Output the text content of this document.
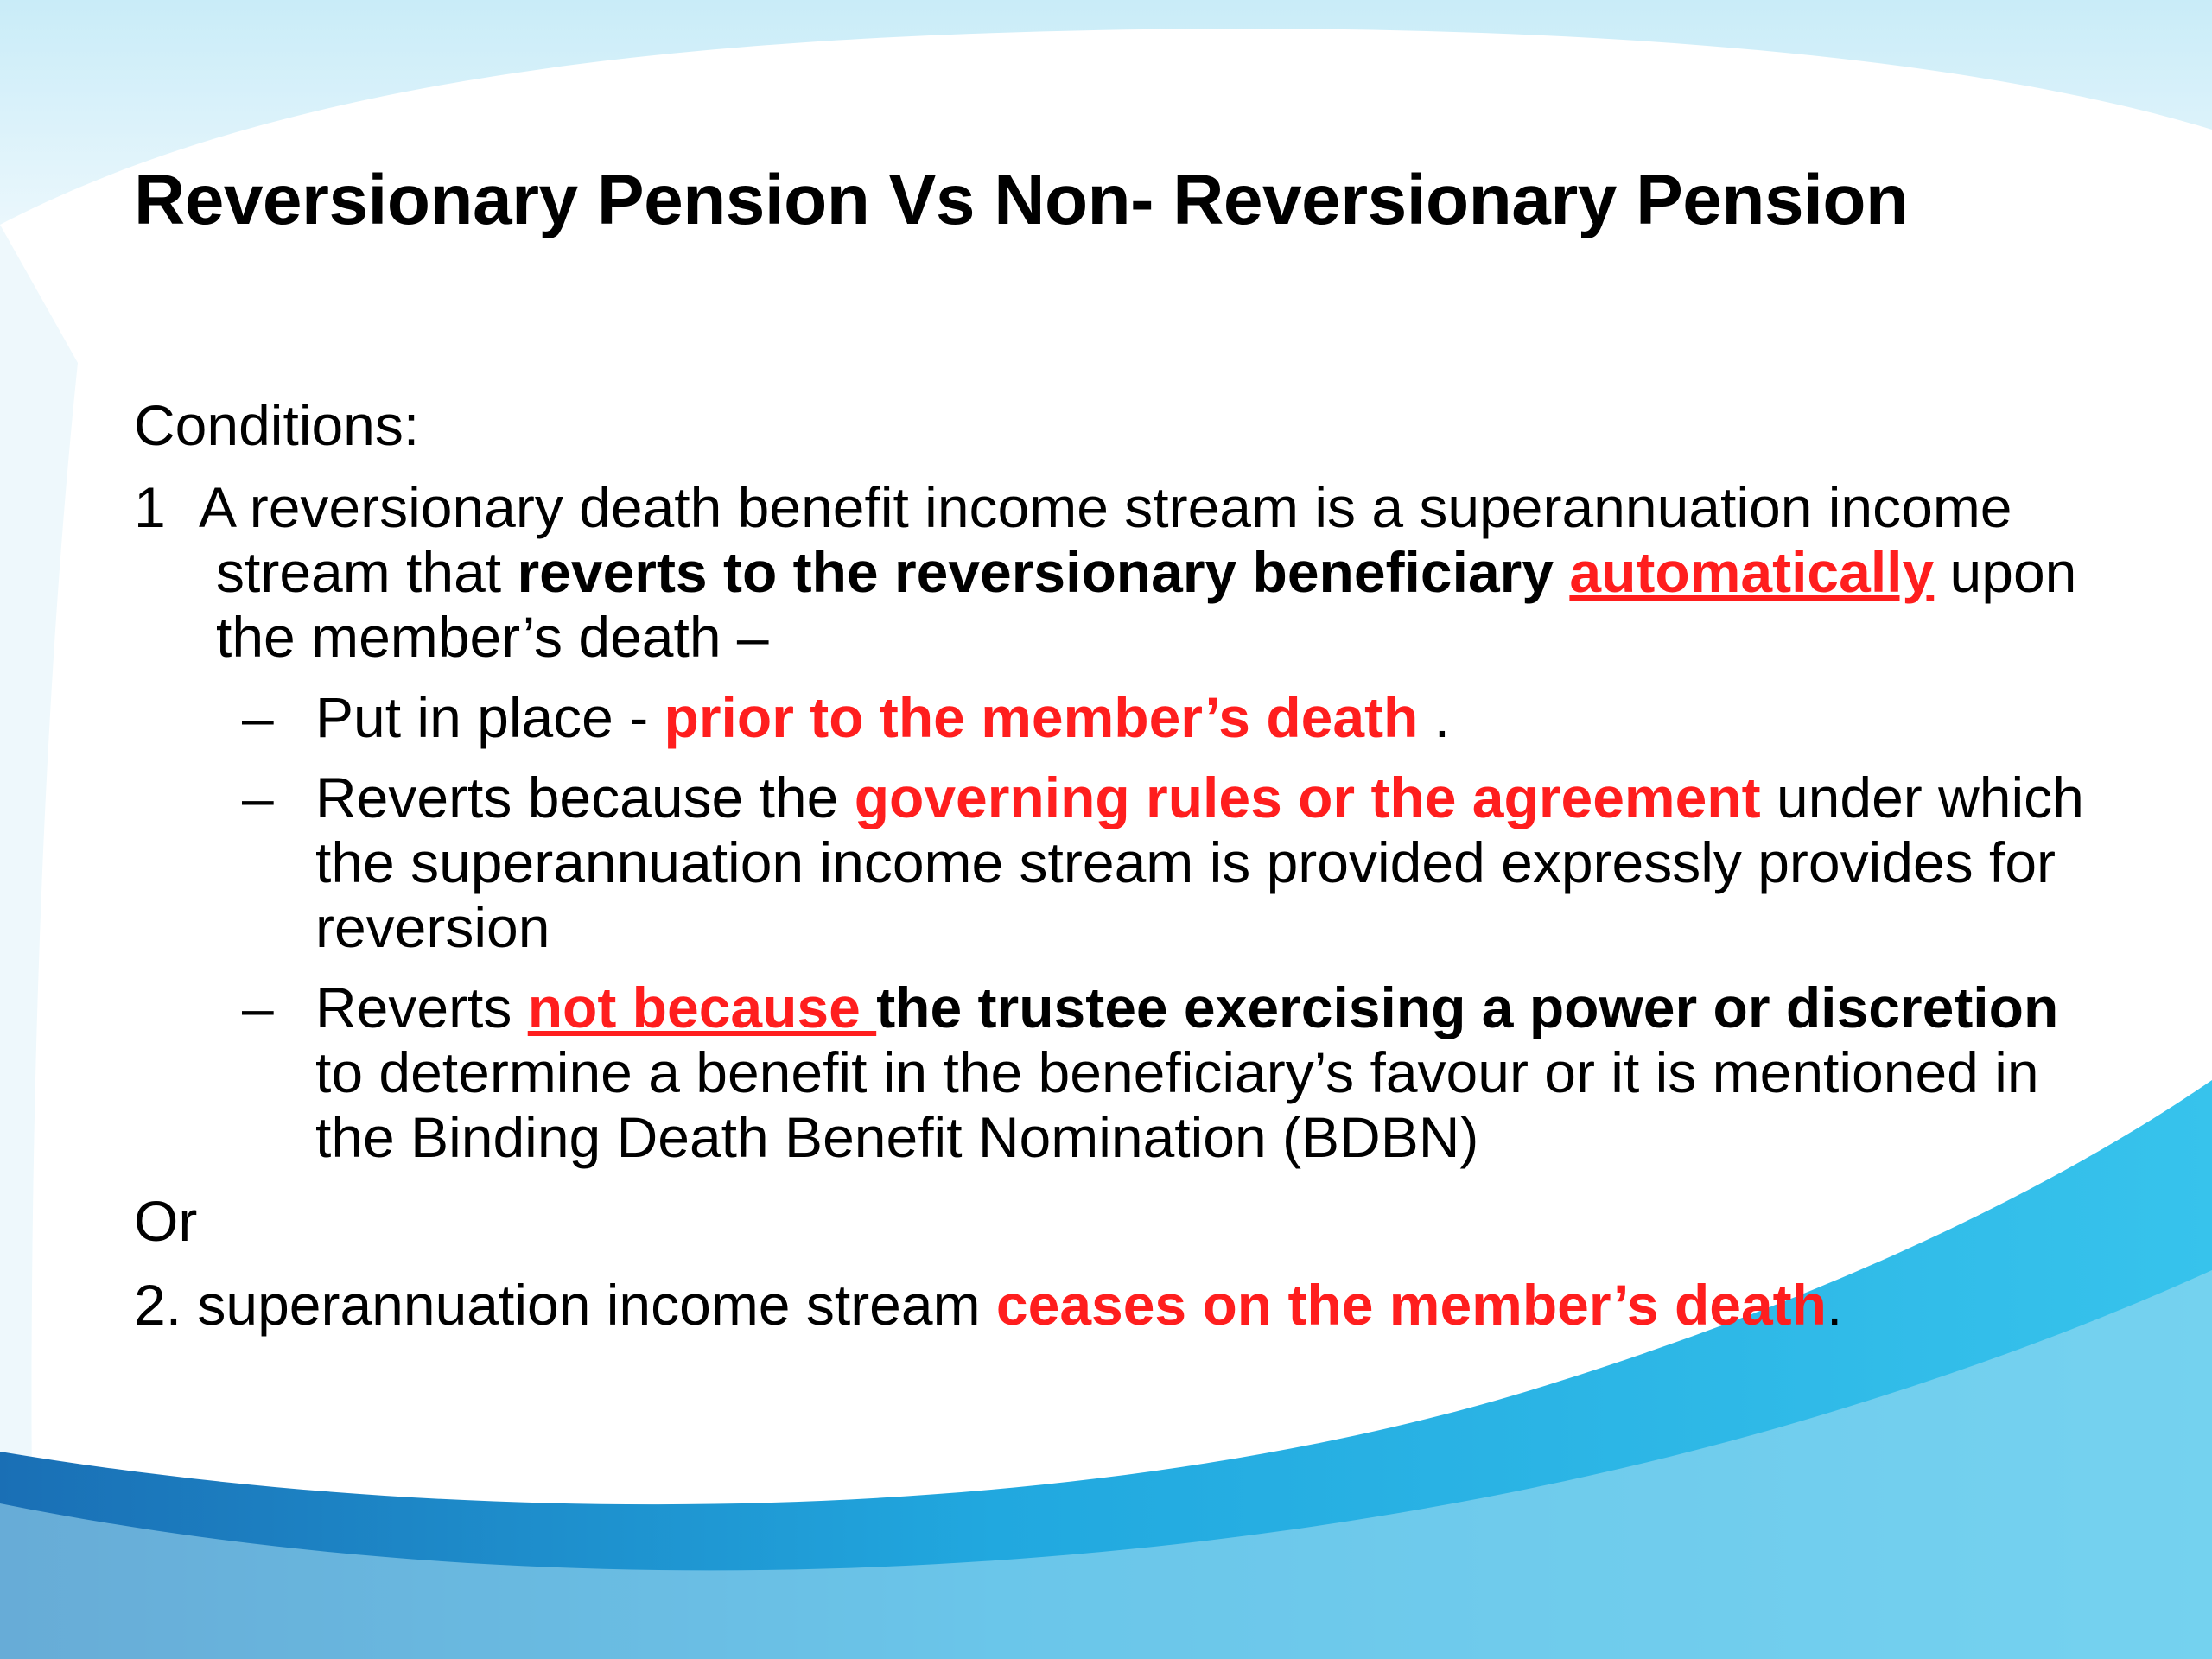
Reversionary Pension Vs Non- Reversionary Pension

Conditions:

1 A reversionary death benefit income stream is a superannuation income stream that reverts to the reversionary beneficiary automatically upon the member’s death –
– Put in place - prior to the member’s death .
– Reverts because the governing rules or the agreement under which the superannuation income stream is provided expressly provides for reversion
– Reverts not because the trustee exercising a power or discretion to determine a benefit in the beneficiary’s favour or it is mentioned in the Binding Death Benefit Nomination (BDBN)

Or

2. superannuation income stream ceases on the member’s death.
